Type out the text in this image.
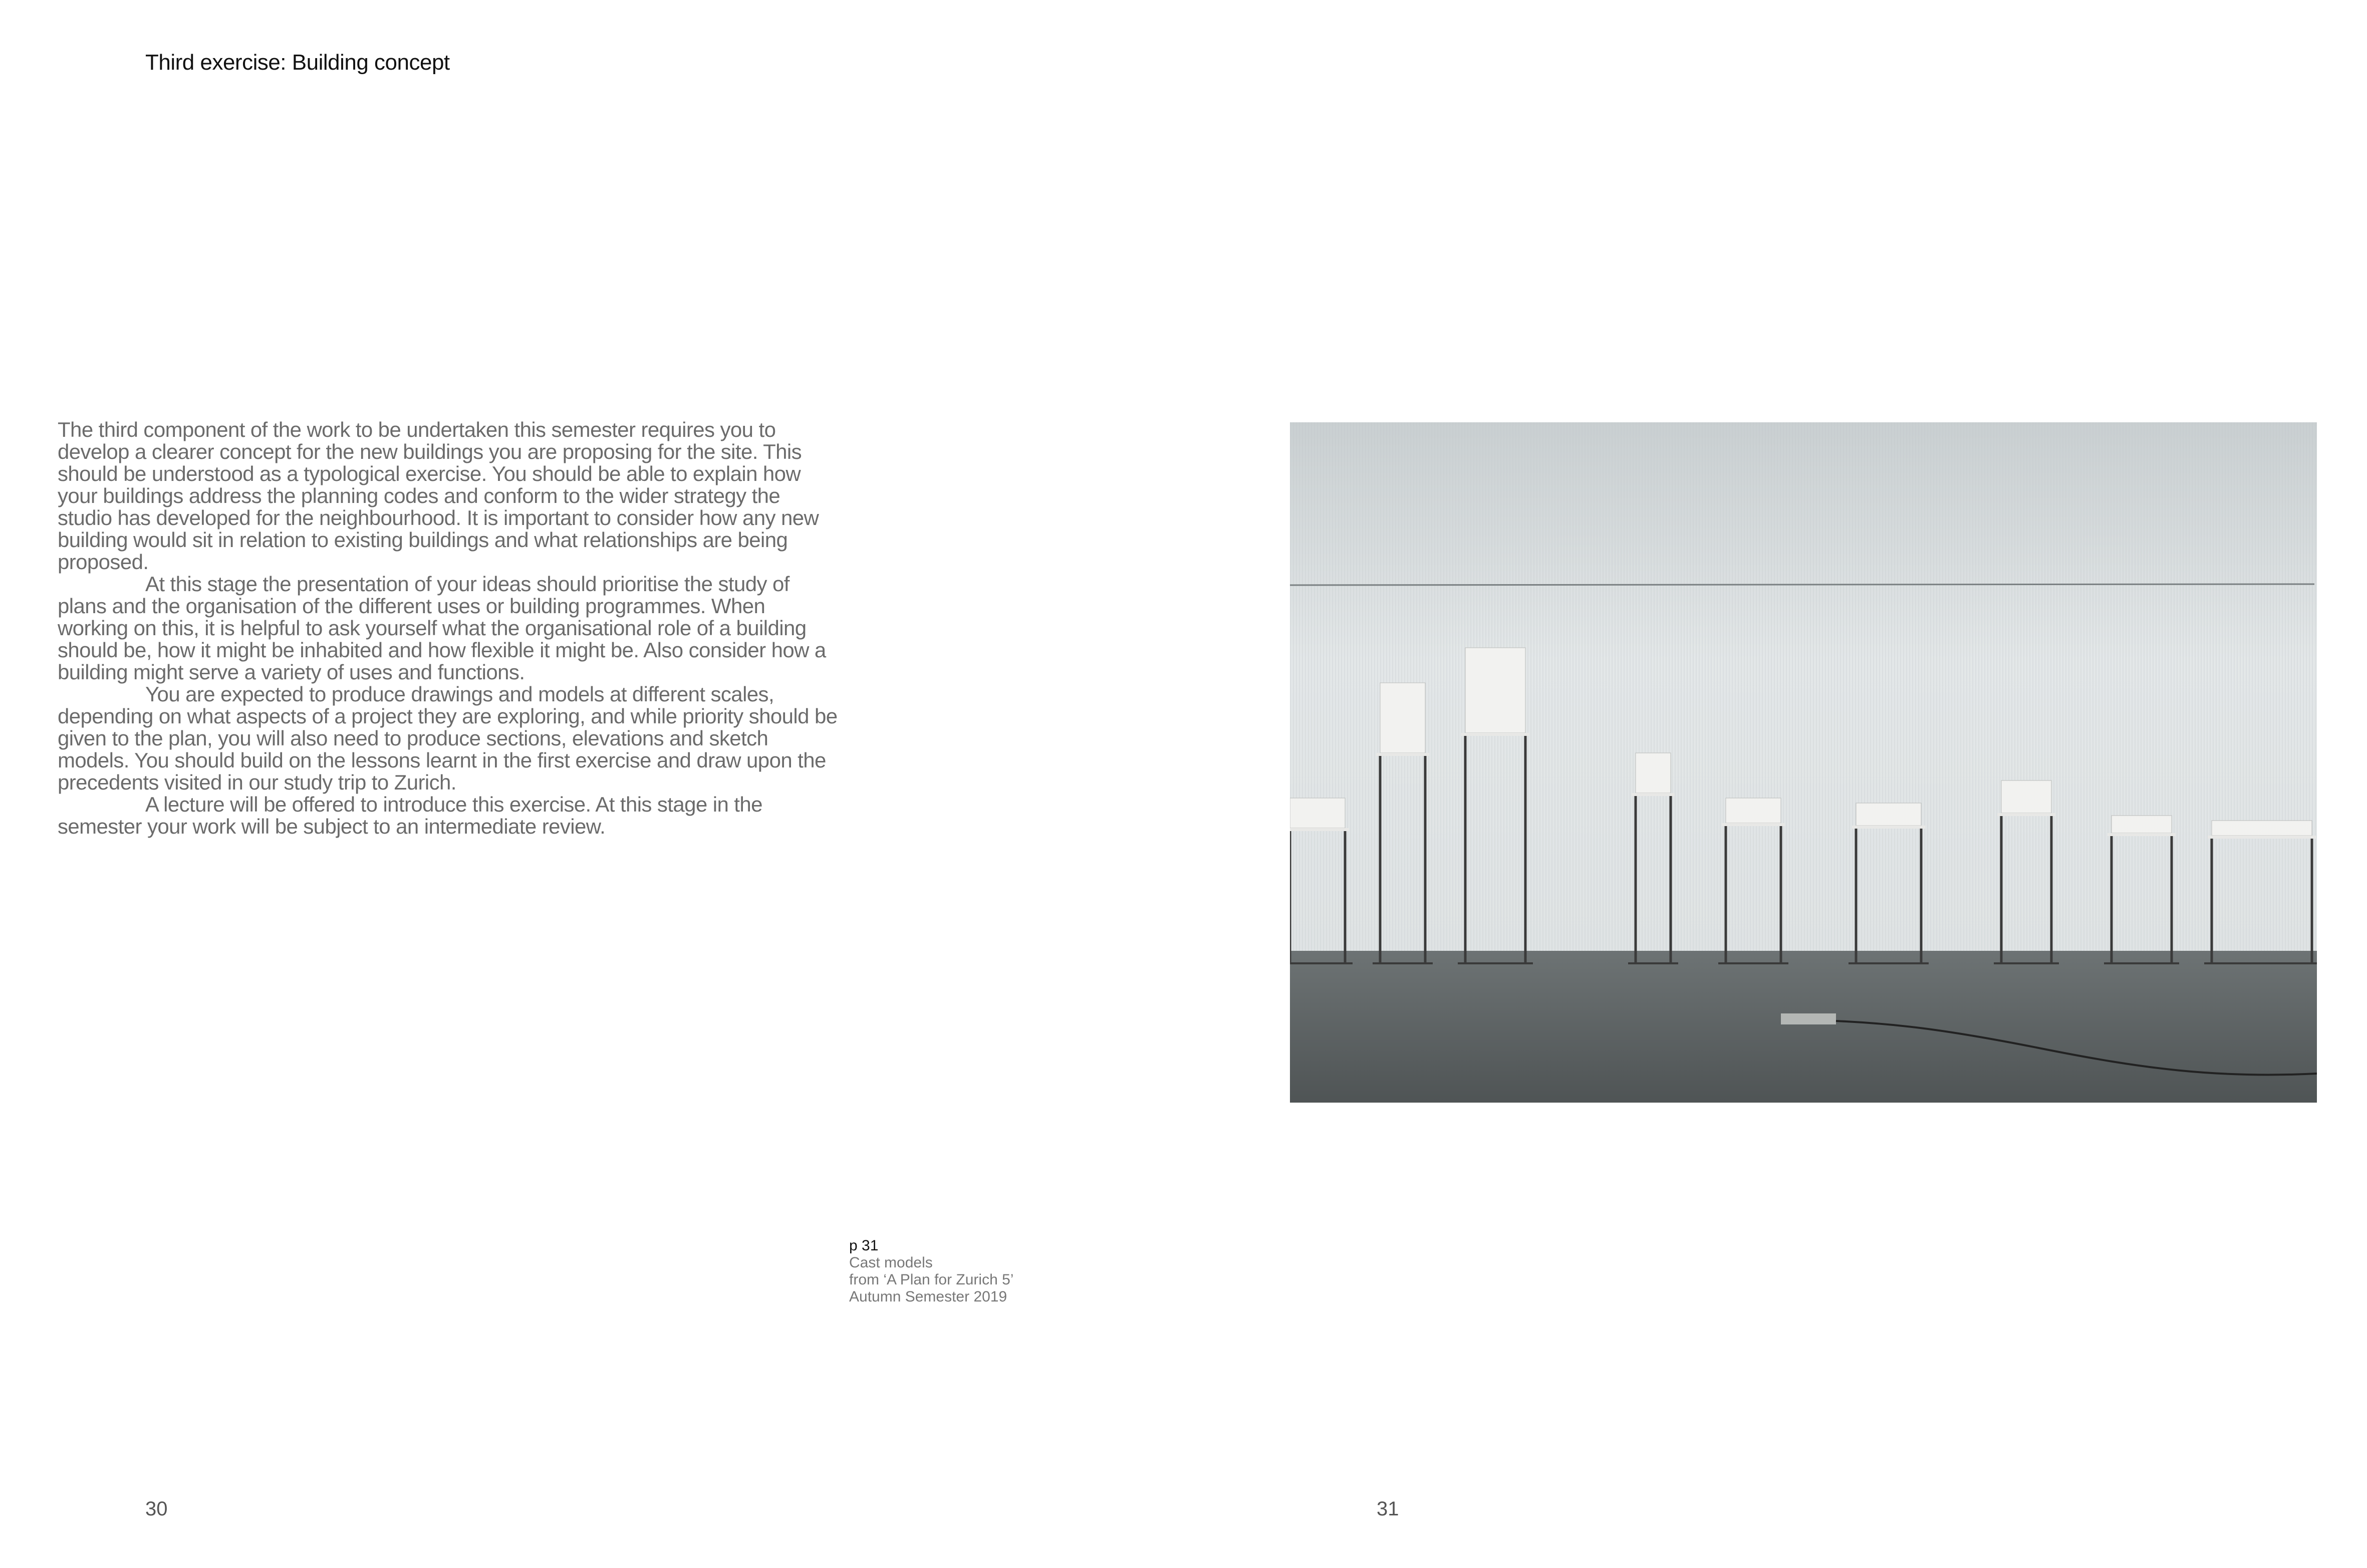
Third exercise: Building concept

The third component of the work to be undertaken this semester requires you to develop a clearer concept for the new buildings you are proposing for the site. This should be understood as a typological exercise. You should be able to explain how your buildings address the planning codes and conform to the wider strategy the studio has developed for the neighbourhood. It is important to consider how any new building would sit in relation to existing buildings and what relationships are being proposed.

At this stage the presentation of your ideas should prioritise the study of plans and the organisation of the different uses or building programmes. When working on this, it is helpful to ask yourself what the organisational role of a building should be, how it might be inhabited and how flexible it might be. Also consider how a building might serve a variety of uses and functions.

You are expected to produce drawings and models at different scales, depending on what aspects of a project they are exploring, and while priority should be given to the plan, you will also need to produce sections, elevations and sketch models. You should build on the lessons learnt in the first exercise and draw upon the precedents visited in our study trip to Zurich.

A lecture will be offered to introduce this exercise. At this stage in the semester your work will be subject to an intermediate review.

p 31
Cast models
from ‘A Plan for Zurich 5’
Autumn Semester 2019
30	31
